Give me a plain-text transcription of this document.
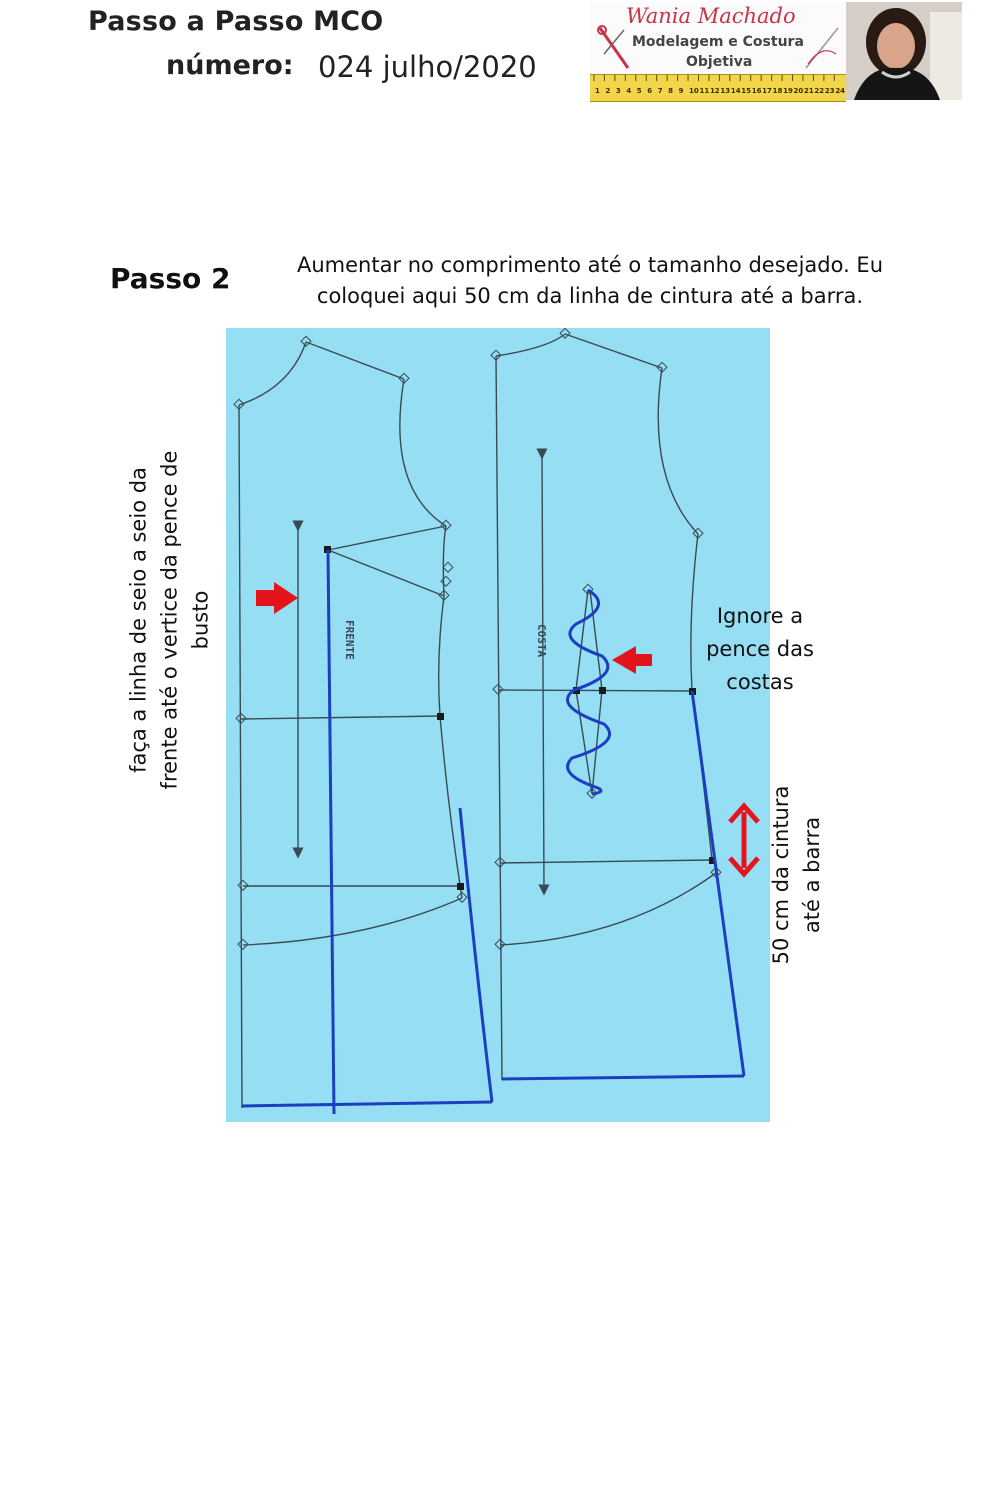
Passo a Passo MCO
número: 024 julho/2020
Wania Machado
Modelagem e Costura
Objetiva
1 2 3 4 5 6 7 8 9 10 11 12 13 14 15 16 17 18 19 20 21 22 23 24
Passo 2	Aumentar no comprimento até o tamanho desejado. Eu coloquei aqui 50 cm da linha de cintura até a barra.
faça a linha de seio a seio da frente até o vertice da pence de busto	FRENTE	COSTA
Ignore a pence das costas
50 cm da cintura até a barra
